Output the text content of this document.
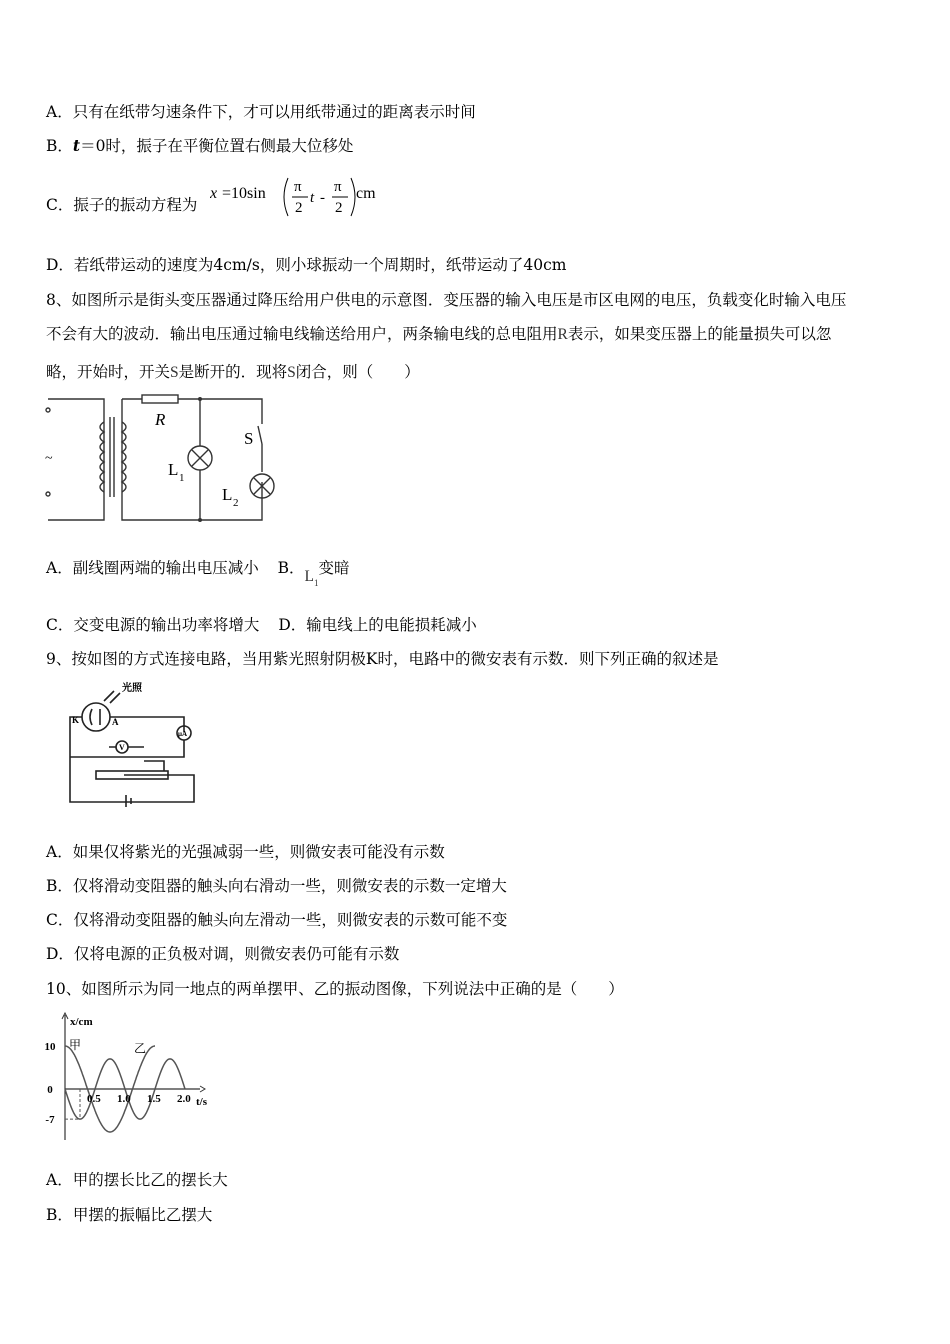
A．只有在纸带匀速条件下，才可以用纸带通过的距离表示时间
B．t＝0时，振子在平衡位置右侧最大位移处
C．振子的振动方程为
x =10sin π
2
t -
π
2
cm
D．若纸带运动的速度为4cm/s，则小球振动一个周期时，纸带运动了40cm
8、如图所示是街头变压器通过降压给用户供电的示意图．变压器的输入电压是市区电网的电压，负载变化时输入电压
不会有大的波动．输出电压通过输电线输送给用户，两条输电线的总电阻用R表示，如果变压器上的能量损失可以忽
略，开始时，开关S是断开的．现将S闭合，则（　　）
~
R
S
L 1
L 2
A．副线圈两端的输出电压减小 B．$L_1$变暗
C．交变电源的输出功率将增大 D．输电线上的电能损耗减小
9、按如图的方式连接电路，当用紫光照射阴极K时，电路中的微安表有示数．则下列正确的叙述是
光照
K	A
μA
V
A．如果仅将紫光的光强减弱一些，则微安表可能没有示数
B．仅将滑动变阻器的触头向右滑动一些，则微安表的示数一定增大
C．仅将滑动变阻器的触头向左滑动一些，则微安表的示数可能不变
D．仅将电源的正负极对调，则微安表仍可能有示数
10、如图所示为同一地点的两单摆甲、乙的振动图像，下列说法中正确的是（　　）
x/cm
t/s
0.5 1.0 1.5 2.0
10
0
-7
甲	乙
A．甲的摆长比乙的摆长大
B．甲摆的振幅比乙摆大
